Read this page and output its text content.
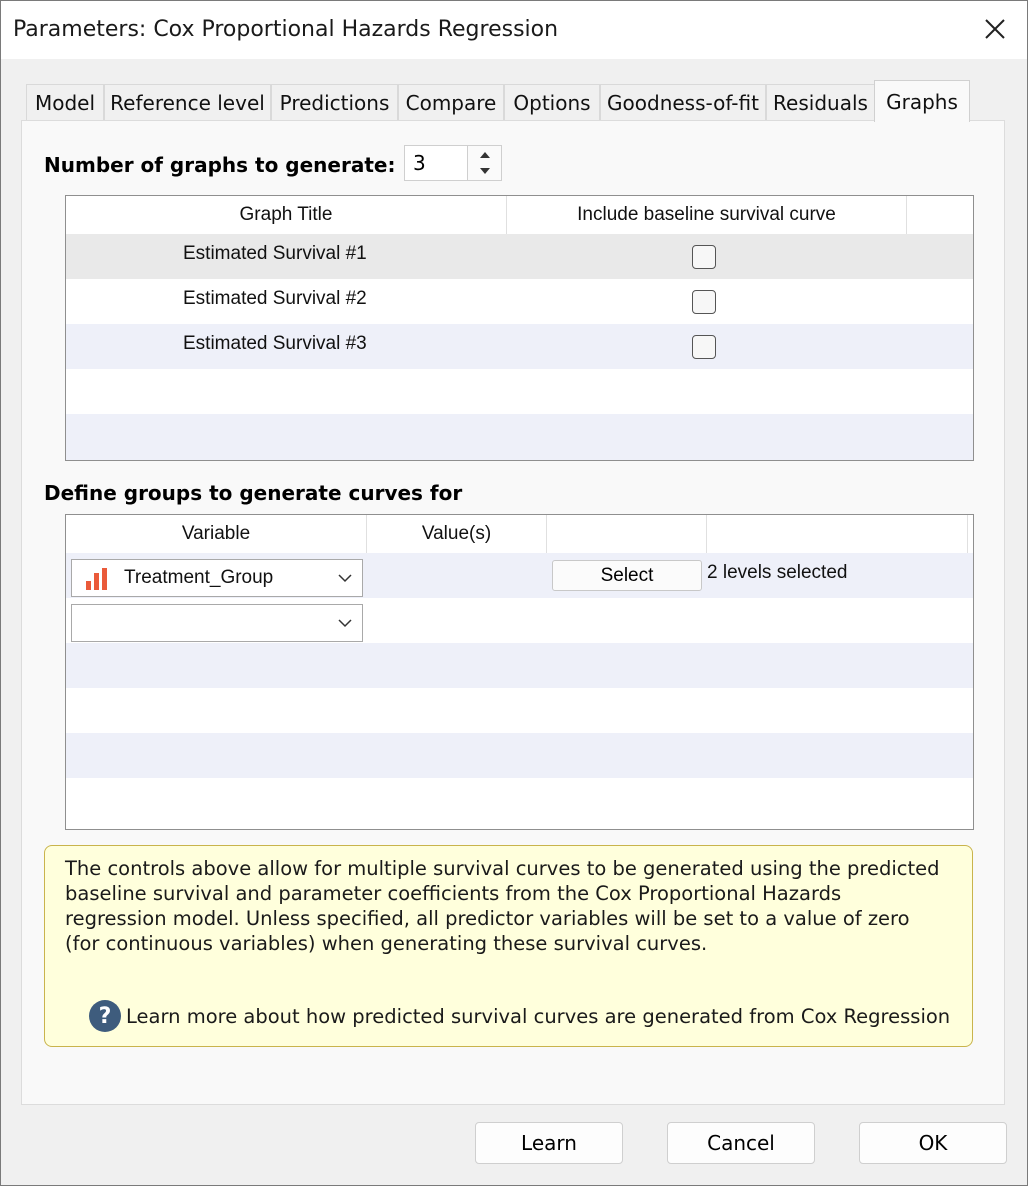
Parameters: Cox Proportional Hazards Regression
Model Reference level Predictions Compare Options Goodness-of-fit Residuals Graphs
Number of graphs to generate: 3
Graph Title	Include baseline survival curve
Estimated Survival #1
Estimated Survival #2
Estimated Survival #3
Define groups to generate curves for
Variable	Value(s)
Treatment_Group	Select	2 levels selected
The controls above allow for multiple survival curves to be generated using the predicted baseline survival and parameter coefficients from the Cox Proportional Hazards regression model. Unless specified, all predictor variables will be set to a value of zero (for continuous variables) when generating these survival curves.
? Learn more about how predicted survival curves are generated from Cox Regression
Learn	Cancel	OK
